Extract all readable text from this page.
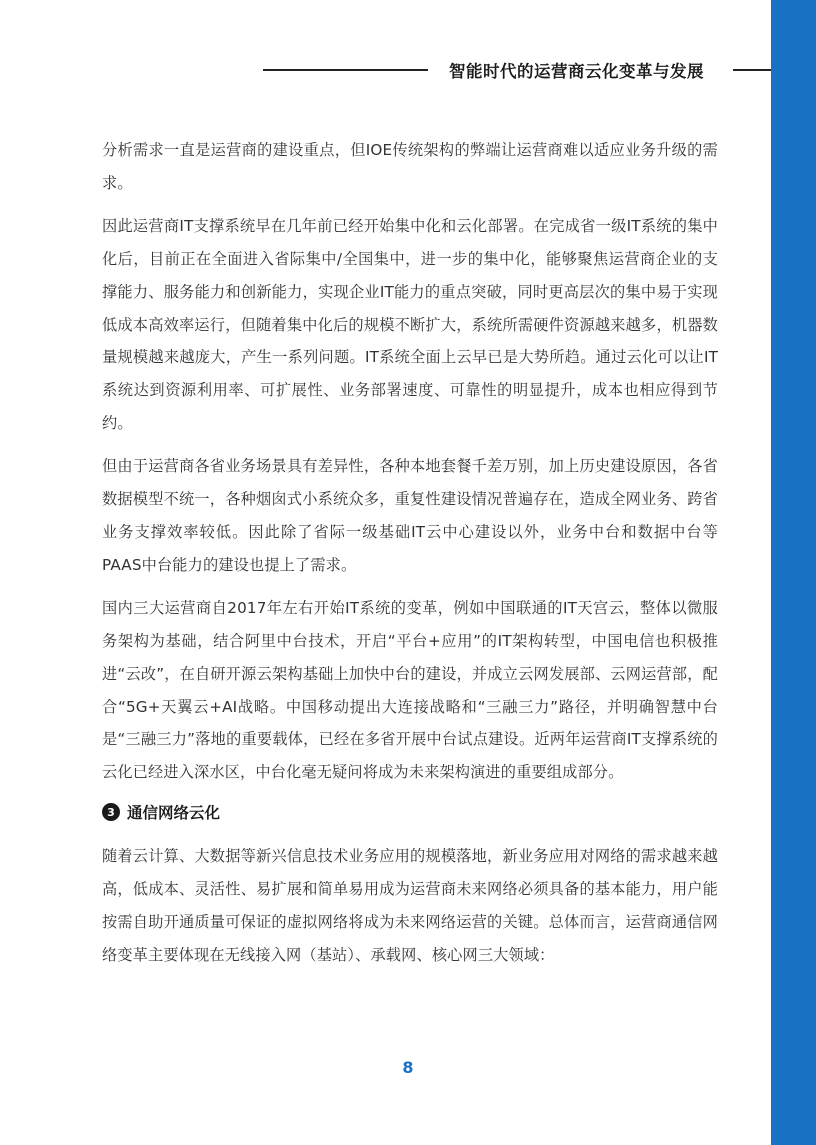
智能时代的运营商云化变革与发展

分析需求一直是运营商的建设重点，但IOE传统架构的弊端让运营商难以适应业务升级的需求。

因此运营商IT支撑系统早在几年前已经开始集中化和云化部署。在完成省一级IT系统的集中化后，目前正在全面进入省际集中/全国集中，进一步的集中化，能够聚焦运营商企业的支撑能力、服务能力和创新能力，实现企业IT能力的重点突破，同时更高层次的集中易于实现低成本高效率运行，但随着集中化后的规模不断扩大，系统所需硬件资源越来越多，机器数量规模越来越庞大，产生一系列问题。IT系统全面上云早已是大势所趋。通过云化可以让IT系统达到资源利用率、可扩展性、业务部署速度、可靠性的明显提升，成本也相应得到节约。

但由于运营商各省业务场景具有差异性，各种本地套餐千差万别，加上历史建设原因，各省数据模型不统一，各种烟囱式小系统众多，重复性建设情况普遍存在，造成全网业务、跨省业务支撑效率较低。因此除了省际一级基础IT云中心建设以外，业务中台和数据中台等PAAS中台能力的建设也提上了需求。

国内三大运营商自2017年左右开始IT系统的变革，例如中国联通的IT天宫云，整体以微服务架构为基础，结合阿里中台技术，开启“平台+应用”的IT架构转型，中国电信也积极推进“云改”，在自研开源云架构基础上加快中台的建设，并成立云网发展部、云网运营部，配合“5G+天翼云+AI战略。中国移动提出大连接战略和“三融三力”路径，并明确智慧中台是“三融三力”落地的重要载体，已经在多省开展中台试点建设。近两年运营商IT支撑系统的云化已经进入深水区，中台化毫无疑问将成为未来架构演进的重要组成部分。

3 通信网络云化

随着云计算、大数据等新兴信息技术业务应用的规模落地，新业务应用对网络的需求越来越高，低成本、灵活性、易扩展和简单易用成为运营商未来网络必须具备的基本能力，用户能按需自助开通质量可保证的虚拟网络将成为未来网络运营的关键。总体而言，运营商通信网络变革主要体现在无线接入网（基站）、承载网、核心网三大领域：

8
